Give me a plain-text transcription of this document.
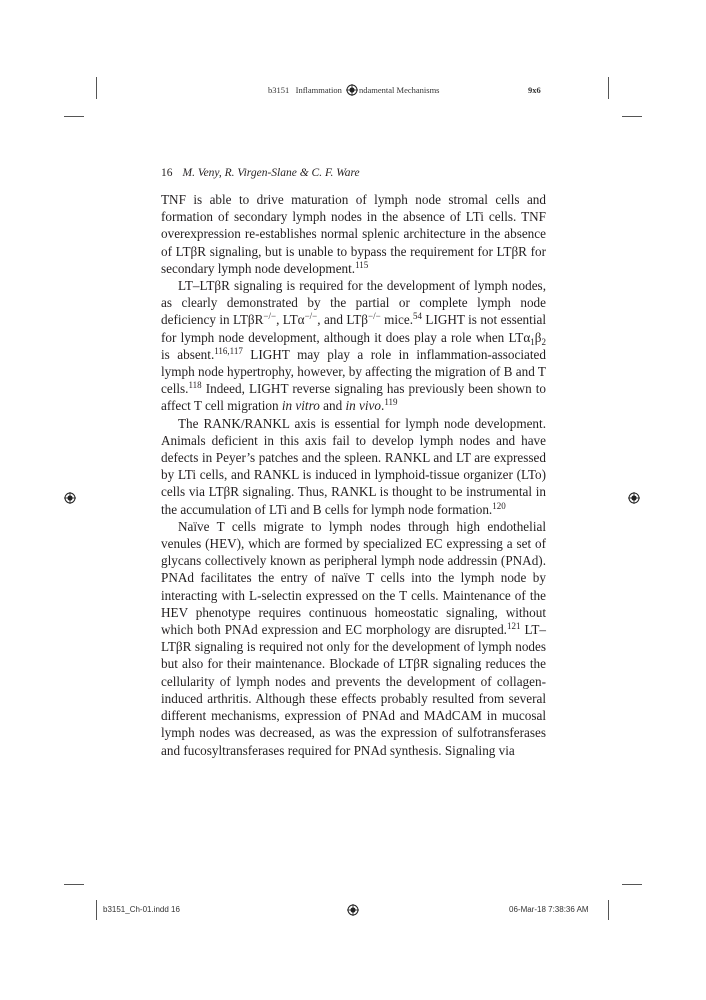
b3151 Inflammation ndamental Mechanisms	9x6
16 M. Veny, R. Virgen-Slane & C. F. Ware

TNF is able to drive maturation of lymph node stromal cells and formation of secondary lymph nodes in the absence of LTi cells. TNF overexpression re-establishes normal splenic architecture in the absence of LTβR signaling, but is unable to bypass the requirement for LTβR for secondary lymph node development.$^{115}$

LT–LTβR signaling is required for the development of lymph nodes, as clearly demonstrated by the partial or complete lymph node deficiency in LTβR−/−, LTα−/−, and LTβ−/− mice.$^{54}$ LIGHT is not essential for lymph node development, although it does play a role when $LT\alpha_1\beta_2$ is absent.$^{116,117}$ LIGHT may play a role in inflammation-associated lymph node hypertrophy, however, by affecting the migration of B and T cells.$^{118}$ Indeed, LIGHT reverse signaling has previously been shown to affect T cell migration in vitro and in vivo.$^{119}$

The RANK/RANKL axis is essential for lymph node development. Animals deficient in this axis fail to develop lymph nodes and have defects in Peyer’s patches and the spleen. RANKL and LT are expressed by LTi cells, and RANKL is induced in lymphoid-tissue organizer (LTo) cells via LTβR signaling. Thus, RANKL is thought to be instrumental in the accumulation of LTi and B cells for lymph node formation.$^{120}$

Naïve T cells migrate to lymph nodes through high endothelial venules (HEV), which are formed by specialized EC expressing a set of glycans collectively known as peripheral lymph node addressin (PNAd). PNAd facilitates the entry of naïve T cells into the lymph node by interacting with L-selectin expressed on the T cells. Maintenance of the HEV phenotype requires continuous homeostatic signaling, without which both PNAd expression and EC morphology are disrupted.$^{121}$ LT–LTβR signaling is required not only for the development of lymph nodes but also for their maintenance. Blockade of LTβR signaling reduces the cellularity of lymph nodes and prevents the development of collagen-induced arthritis. Although these effects probably resulted from several different mechanisms, expression of PNAd and MAdCAM in mucosal lymph nodes was decreased, as was the expression of sulfotransferases and fucosyltransferases required for PNAd synthesis. Signaling via

b3151_Ch-01.indd 16	06-Mar-18 7:38:36 AM
